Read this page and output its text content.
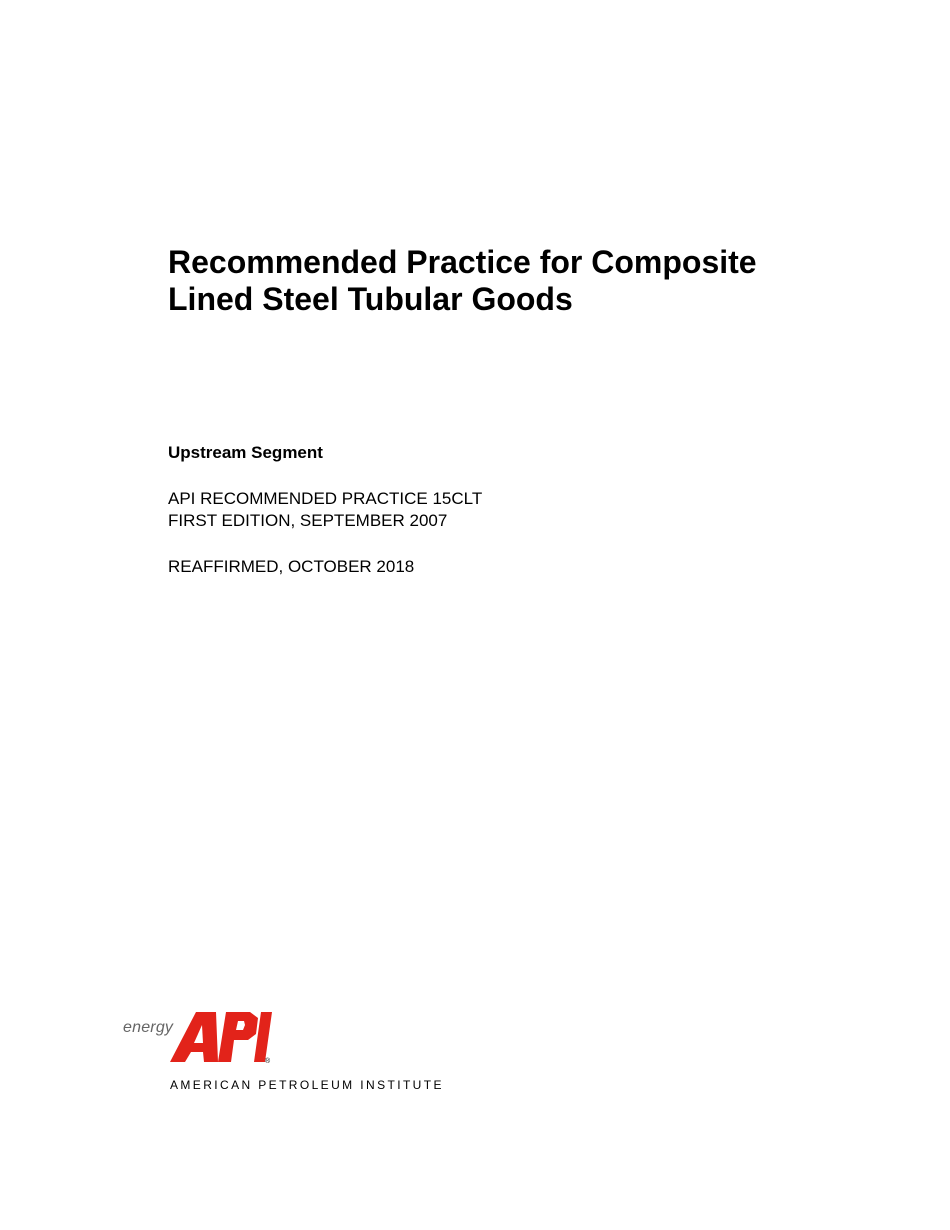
Recommended Practice for Composite
Lined Steel Tubular Goods
Upstream Segment
API RECOMMENDED PRACTICE 15CLT
FIRST EDITION, SEPTEMBER 2007
REAFFIRMED, OCTOBER 2018
energy
®
AMERICAN PETROLEUM INSTITUTE
